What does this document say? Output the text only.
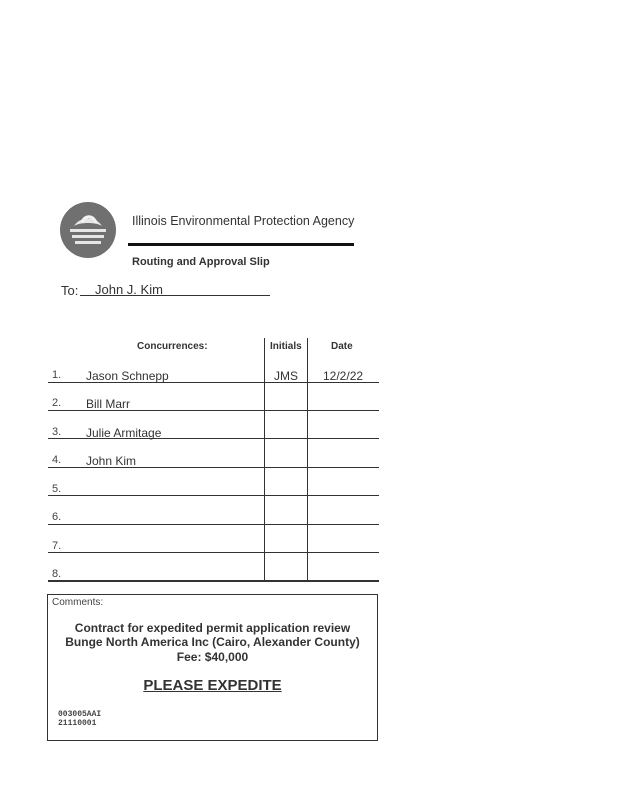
Illinois Environmental Protection Agency
Routing and Approval Slip
To: John J. Kim
Concurrences:	Initials	Date
1. Jason Schnepp	JMS 12/2/22
2. Bill Marr
3. Julie Armitage
4. John Kim
5.
6.
7.
8.
Comments:
Contract for expedited permit application review
Bunge North America Inc (Cairo, Alexander County)
Fee: $40,000
PLEASE EXPEDITE
003005AAI
21110001
